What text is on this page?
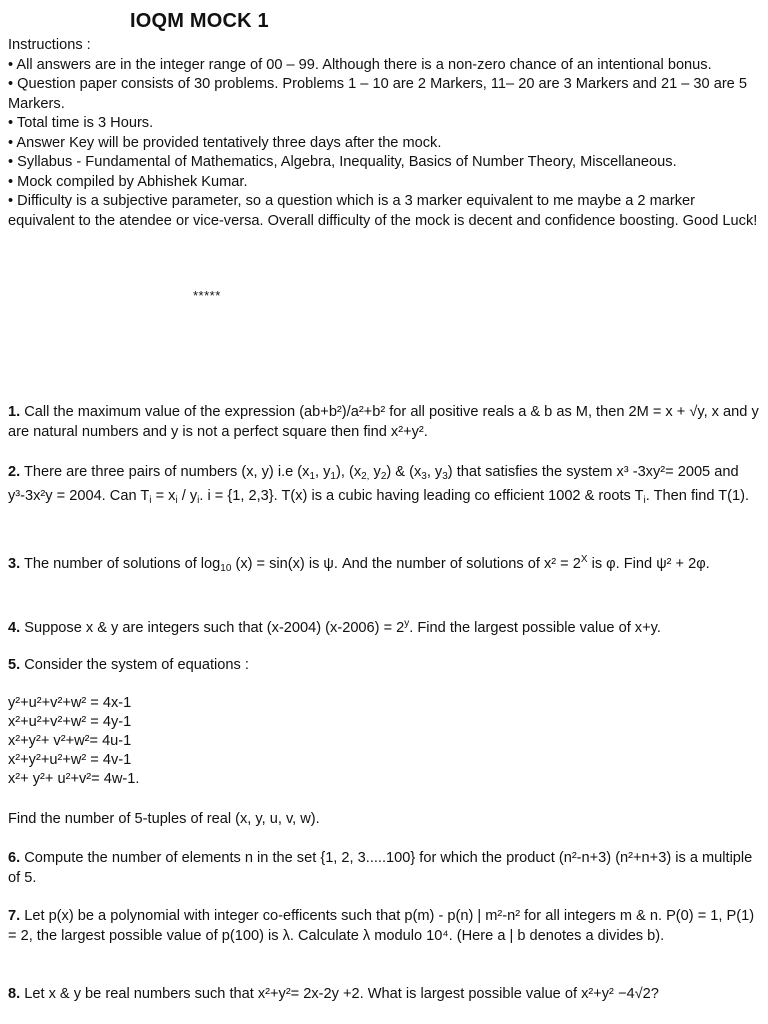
IOQM MOCK 1
Instructions :
• All answers are in the integer range of 00 – 99. Although there is a non-zero chance of an intentional bonus.
• Question paper consists of 30 problems. Problems 1 – 10 are 2 Markers, 11– 20 are 3 Markers and 21 – 30 are 5 Markers.
• Total time is 3 Hours.
• Answer Key will be provided tentatively three days after the mock.
• Syllabus - Fundamental of Mathematics, Algebra, Inequality, Basics of Number Theory, Miscellaneous.
• Mock compiled by Abhishek Kumar.
• Difficulty is a subjective parameter, so a question which is a 3 marker equivalent to me maybe a 2 marker equivalent to the atendee or vice-versa. Overall difficulty of the mock is decent and confidence boosting. Good Luck!
*****
1. Call the maximum value of the expression (ab+b²)/a²+b² for all positive reals a & b as M, then 2M = x + √y, x and y are natural numbers and y is not a perfect square then find x²+y².
2. There are three pairs of numbers (x, y) i.e ($x_1$, $y_1$), ($x_{2,}$ $y_2$) & ($x_3$, $y_3$) that satisfies the system x³ -3xy²= 2005 and y³-3x²y = 2004. Can $T_i = x_i / y_i$. i = {1, 2,3}. T(x) is a cubic having leading co efficient 1002 & roots $T_i$. Then find T(1).
3. The number of solutions of $\log_{10} (x) = \sin(x)$ is ψ. And the number of solutions of $x^2 = 2^X$ is φ. Find ψ² + 2φ.
4. Suppose x & y are integers such that (x-2004) $(x-2006) = 2^y$. Find the largest possible value of x+y.
5. Consider the system of equations :
y²+u²+v²+w² = 4x-1
x²+u²+v²+w² = 4y-1
x²+y²+ v²+w²= 4u-1
x²+y²+u²+w² = 4v-1
x²+ y²+ u²+v²= 4w-1.
Find the number of 5-tuples of real (x, y, u, v, w).
6. Compute the number of elements n in the set {1, 2, 3.....100} for which the product (n²-n+3) (n²+n+3) is a multiple of 5.
7. Let p(x) be a polynomial with integer co-efficents such that p(m) - p(n) | m²-n² for all integers m & n. P(0) = 1, P(1) = 2, the largest possible value of p(100) is λ. Calculate λ modulo 10⁴. (Here a | b denotes a divides b).
8. Let x & y be real numbers such that x²+y²= 2x-2y +2. What is largest possible value of x²+y² −4√2?
